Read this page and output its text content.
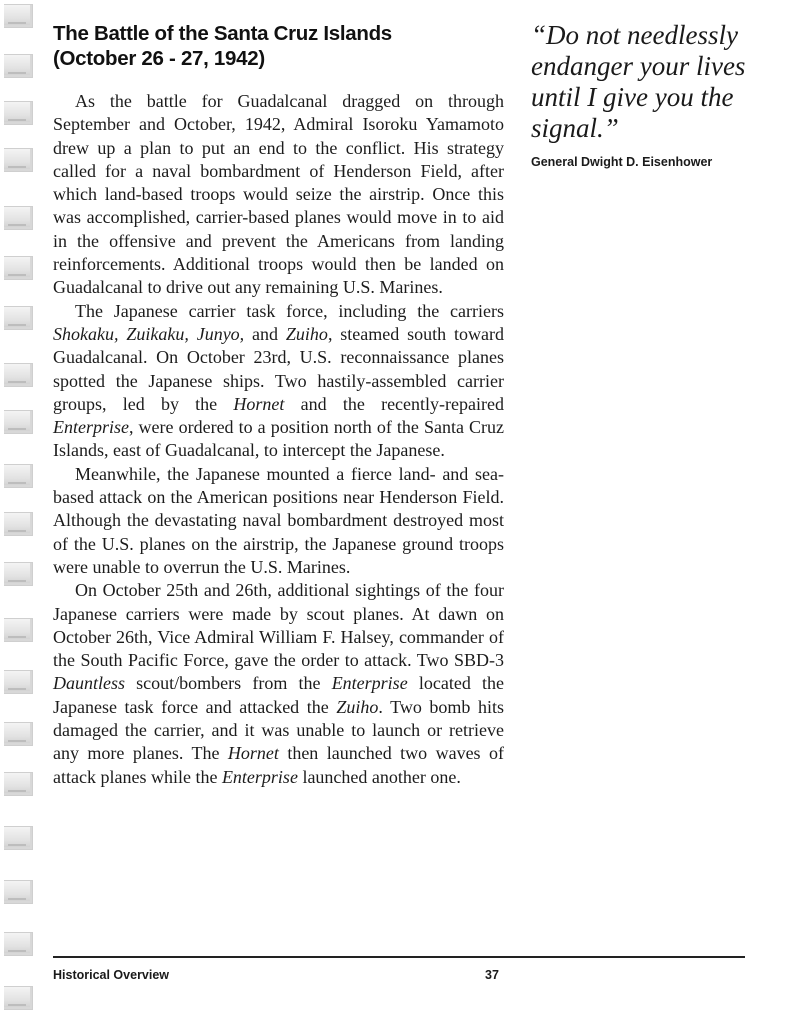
The Battle of the Santa Cruz Islands
(October 26 - 27, 1942)

As the battle for Guadalcanal dragged on through September and October, 1942, Admiral Isoroku Yamamoto drew up a plan to put an end to the conflict. His strategy called for a naval bombardment of Henderson Field, after which land-based troops would seize the airstrip. Once this was accomplished, carrier-based planes would move in to aid in the offensive and prevent the Americans from landing reinforcements. Additional troops would then be landed on Guadalcanal to drive out any remaining U.S. Marines.

The Japanese carrier task force, including the carriers Shokaku, Zuikaku, Junyo, and Zuiho, steamed south toward Guadalcanal. On October 23rd, U.S. reconnaissance planes spotted the Japanese ships. Two hastily-assembled carrier groups, led by the Hornet and the recently-repaired Enterprise, were ordered to a position north of the Santa Cruz Islands, east of Guadalcanal, to intercept the Japanese.

Meanwhile, the Japanese mounted a fierce land- and sea-based attack on the American positions near Henderson Field. Although the devastating naval bombardment destroyed most of the U.S. planes on the airstrip, the Japanese ground troops were unable to overrun the U.S. Marines.

On October 25th and 26th, additional sightings of the four Japanese carriers were made by scout planes. At dawn on October 26th, Vice Admiral William F. Halsey, commander of the South Pacific Force, gave the order to attack. Two SBD-3 Dauntless scout/bombers from the Enterprise located the Japanese task force and attacked the Zuiho. Two bomb hits damaged the carrier, and it was unable to launch or retrieve any more planes. The Hornet then launched two waves of attack planes while the Enterprise launched another one.

“Do not needlessly endanger your lives until I give you the signal.”
General Dwight D. Eisenhower
Historical Overview	37
